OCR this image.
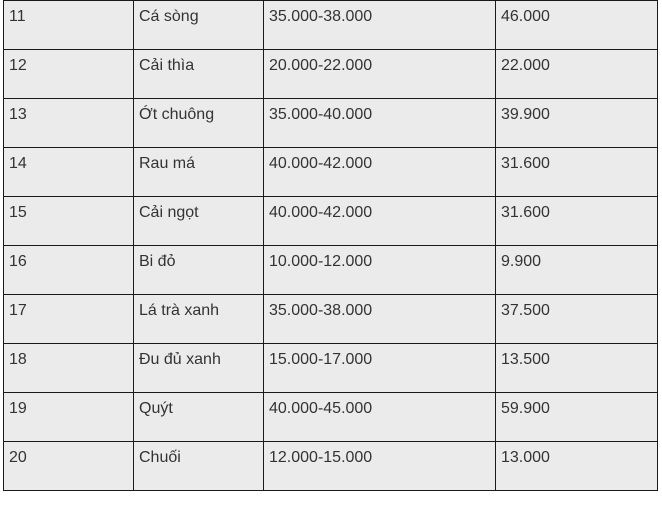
11	Cá sòng	35.000-38.000	46.000

12	Cải thìa	20.000-22.000	22.000

13	Ớt chuông	35.000-40.000	39.900

14	Rau má	40.000-42.000	31.600

15	Cải ngọt	40.000-42.000	31.600

16	Bi đỏ	10.000-12.000	9.900

17	Lá trà xanh	35.000-38.000	37.500

18	Đu đủ xanh	15.000-17.000	13.500

19	Quýt	40.000-45.000	59.900

20	Chuối	12.000-15.000	13.000
